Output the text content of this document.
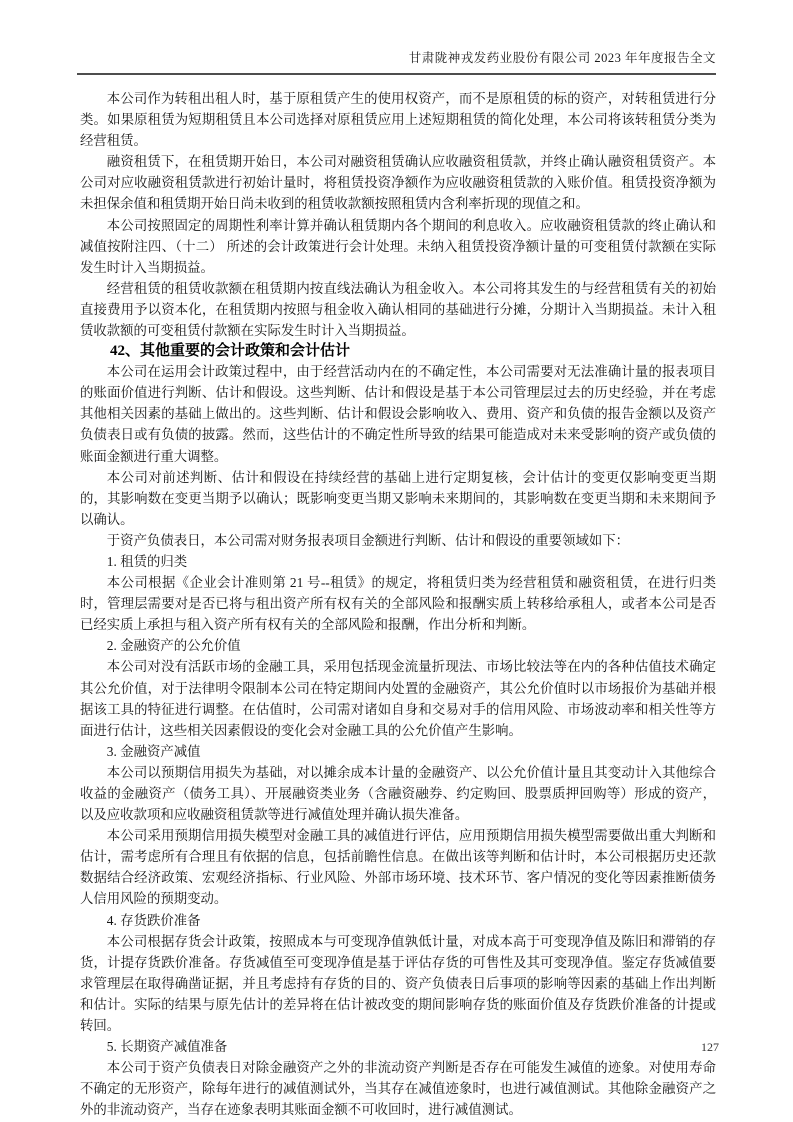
甘肃陇神戎发药业股份有限公司 2023 年年度报告全文

本公司作为转租出租人时，基于原租赁产生的使用权资产，而不是原租赁的标的资产，对转租赁进行分类。如果原租赁为短期租赁且本公司选择对原租赁应用上述短期租赁的简化处理，本公司将该转租赁分类为经营租赁。

融资租赁下，在租赁期开始日，本公司对融资租赁确认应收融资租赁款，并终止确认融资租赁资产。本公司对应收融资租赁款进行初始计量时，将租赁投资净额作为应收融资租赁款的入账价值。租赁投资净额为未担保余值和租赁期开始日尚未收到的租赁收款额按照租赁内含利率折现的现值之和。

本公司按照固定的周期性利率计算并确认租赁期内各个期间的利息收入。应收融资租赁款的终止确认和减值按附注四、（十二） 所述的会计政策进行会计处理。未纳入租赁投资净额计量的可变租赁付款额在实际发生时计入当期损益。

经营租赁的租赁收款额在租赁期内按直线法确认为租金收入。本公司将其发生的与经营租赁有关的初始直接费用予以资本化，在租赁期内按照与租金收入确认相同的基础进行分摊，分期计入当期损益。未计入租赁收款额的可变租赁付款额在实际发生时计入当期损益。

42、其他重要的会计政策和会计估计

本公司在运用会计政策过程中，由于经营活动内在的不确定性，本公司需要对无法准确计量的报表项目的账面价值进行判断、估计和假设。这些判断、估计和假设是基于本公司管理层过去的历史经验，并在考虑其他相关因素的基础上做出的。这些判断、估计和假设会影响收入、费用、资产和负债的报告金额以及资产负债表日或有负债的披露。然而，这些估计的不确定性所导致的结果可能造成对未来受影响的资产或负债的账面金额进行重大调整。

本公司对前述判断、估计和假设在持续经营的基础上进行定期复核，会计估计的变更仅影响变更当期的，其影响数在变更当期予以确认；既影响变更当期又影响未来期间的，其影响数在变更当期和未来期间予以确认。

于资产负债表日，本公司需对财务报表项目金额进行判断、估计和假设的重要领域如下：

1. 租赁的归类

本公司根据《企业会计准则第 21 号--租赁》的规定，将租赁归类为经营租赁和融资租赁，在进行归类时，管理层需要对是否已将与租出资产所有权有关的全部风险和报酬实质上转移给承租人，或者本公司是否已经实质上承担与租入资产所有权有关的全部风险和报酬，作出分析和判断。

2. 金融资产的公允价值

本公司对没有活跃市场的金融工具，采用包括现金流量折现法、市场比较法等在内的各种估值技术确定其公允价值，对于法律明令限制本公司在特定期间内处置的金融资产，其公允价值时以市场报价为基础并根据该工具的特征进行调整。在估值时，公司需对诸如自身和交易对手的信用风险、市场波动率和相关性等方面进行估计，这些相关因素假设的变化会对金融工具的公允价值产生影响。

3. 金融资产减值

本公司以预期信用损失为基础，对以摊余成本计量的金融资产、以公允价值计量且其变动计入其他综合收益的金融资产（债务工具）、开展融资类业务（含融资融券、约定购回、股票质押回购等）形成的资产，以及应收款项和应收融资租赁款等进行减值处理并确认损失准备。

本公司采用预期信用损失模型对金融工具的减值进行评估，应用预期信用损失模型需要做出重大判断和估计，需考虑所有合理且有依据的信息，包括前瞻性信息。在做出该等判断和估计时，本公司根据历史还款数据结合经济政策、宏观经济指标、行业风险、外部市场环境、技术环节、客户情况的变化等因素推断债务人信用风险的预期变动。

4. 存货跌价准备

本公司根据存货会计政策，按照成本与可变现净值孰低计量，对成本高于可变现净值及陈旧和滞销的存货，计提存货跌价准备。存货减值至可变现净值是基于评估存货的可售性及其可变现净值。鉴定存货减值要求管理层在取得确凿证据，并且考虑持有存货的目的、资产负债表日后事项的影响等因素的基础上作出判断和估计。实际的结果与原先估计的差异将在估计被改变的期间影响存货的账面价值及存货跌价准备的计提或转回。

5. 长期资产减值准备

本公司于资产负债表日对除金融资产之外的非流动资产判断是否存在可能发生减值的迹象。对使用寿命不确定的无形资产，除每年进行的减值测试外，当其存在减值迹象时，也进行减值测试。其他除金融资产之外的非流动资产，当存在迹象表明其账面金额不可收回时，进行减值测试。

127
